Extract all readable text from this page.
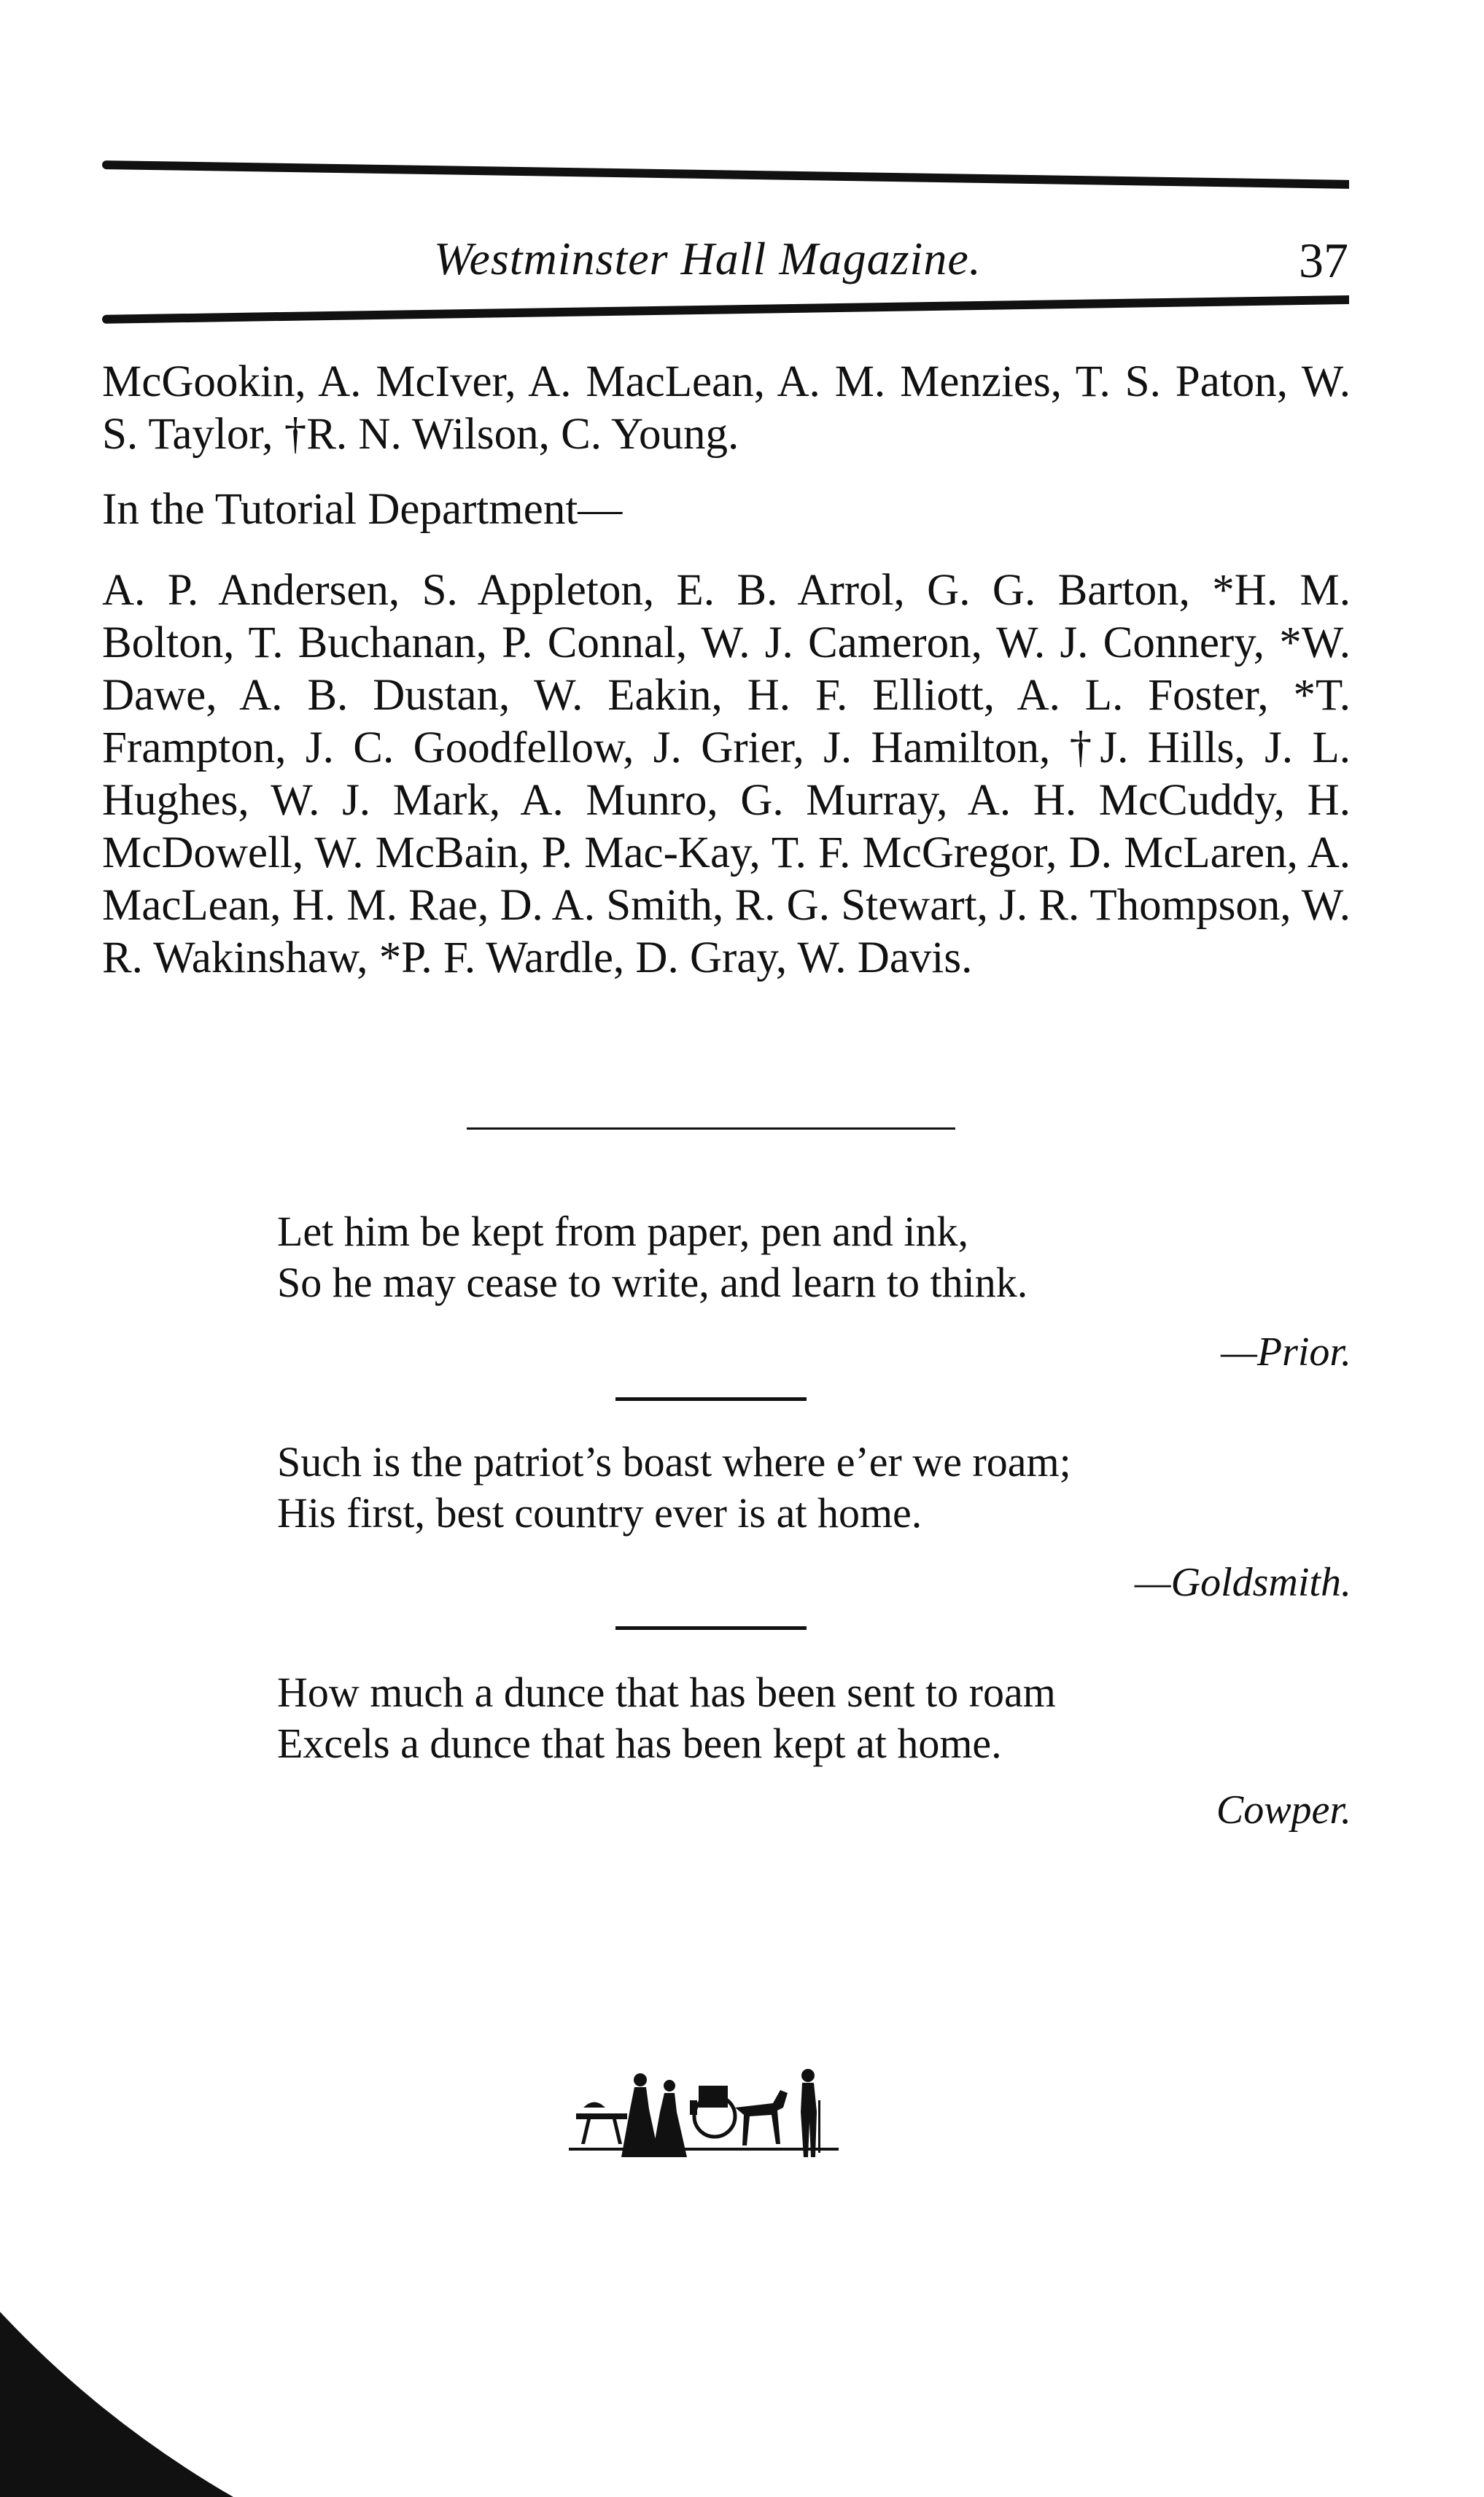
Westminster Hall Magazine.	37
McGookin, A. McIver, A. MacLean, A. M. Menzies, T. S. Paton, W. S. Taylor, †R. N. Wilson, C. Young.
In the Tutorial Department—
A. P. Andersen, S. Appleton, E. B. Arrol, G. G. Barton, *H. M. Bolton, T. Buchanan, P. Connal, W. J. Cameron, W. J. Connery, *W. Dawe, A. B. Dustan, W. Eakin, H. F. Elliott, A. L. Foster, *T. Frampton, J. C. Goodfellow, J. Grier, J. Hamilton, †J. Hills, J. L. Hughes, W. J. Mark, A. Munro, G. Murray, A. H. McCuddy, H. McDowell, W. McBain, P. Mac-Kay, T. F. McGregor, D. McLaren, A. MacLean, H. M. Rae, D. A. Smith, R. G. Stewart, J. R. Thompson, W. R. Wakinshaw, *P. F. Wardle, D. Gray, W. Davis.
Let him be kept from paper, pen and ink,
So he may cease to write, and learn to think.
—Prior.
Such is the patriot’s boast where e’er we roam;
His first, best country ever is at home.
—Goldsmith.
How much a dunce that has been sent to roam
Excels a dunce that has been kept at home.
Cowper.
